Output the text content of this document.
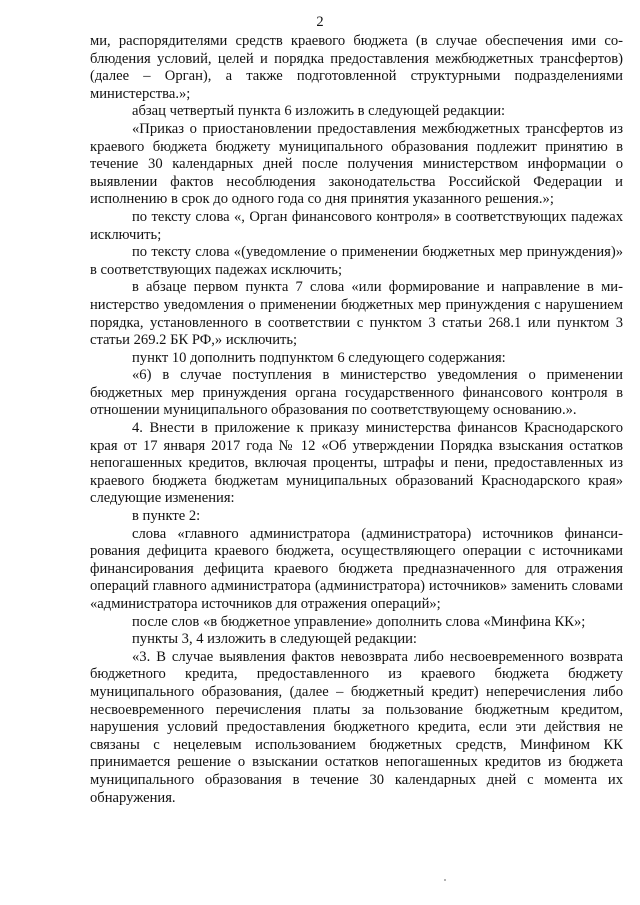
2

ми, распорядителями средств краевого бюджета (в случае обеспечения ими соблюдения условий, целей и порядка предоставления межбюджетных трансфертов) (далее – Орган), а также подготовленной структурными подразделениями министерства.»;

абзац четвертый пункта 6 изложить в следующей редакции:

«Приказ о приостановлении предоставления межбюджетных трансфертов из краевого бюджета бюджету муниципального образования подлежит принятию в течение 30 календарных дней после получения министерством информации о выявлении фактов несоблюдения законодательства Российской Федерации и исполнению в срок до одного года со дня принятия указанного решения.»;

по тексту слова «, Орган финансового контроля» в соответствующих падежах исключить;

по тексту слова «(уведомление о применении бюджетных мер принуждения)» в соответствующих падежах исключить;

в абзаце первом пункта 7 слова «или формирование и направление в министерство уведомления о применении бюджетных мер принуждения с нарушением порядка, установленного в соответствии с пунктом 3 статьи 268.1 или пунктом 3 статьи 269.2 БК РФ,» исключить;

пункт 10 дополнить подпунктом 6 следующего содержания:

«6) в случае поступления в министерство уведомления о применении бюджетных мер принуждения органа государственного финансового контроля в отношении муниципального образования по соответствующему основанию.».

4. Внести в приложение к приказу министерства финансов Краснодарского края от 17 января 2017 года № 12 «Об утверждении Порядка взыскания остатков непогашенных кредитов, включая проценты, штрафы и пени, предоставленных из краевого бюджета бюджетам муниципальных образований Краснодарского края» следующие изменения:

в пункте 2:

слова «главного администратора (администратора) источников финансирования дефицита краевого бюджета, осуществляющего операции с источниками финансирования дефицита краевого бюджета предназначенного для отражения операций главного администратора (администратора) источников» заменить словами «администратора источников для отражения операций»;

после слов «в бюджетное управление» дополнить слова «Минфина КК»;

пункты 3, 4 изложить в следующей редакции:

«3. В случае выявления фактов невозврата либо несвоевременного возврата бюджетного кредита, предоставленного из краевого бюджета бюджету муниципального образования, (далее – бюджетный кредит) неперечисления либо несвоевременного перечисления платы за пользование бюджетным кредитом, нарушения условий предоставления бюджетного кредита, если эти действия не связаны с нецелевым использованием бюджетных средств, Минфином КК принимается решение о взыскании остатков непогашенных кредитов из бюджета муниципального образования в течение 30 календарных дней с момента их обнаружения.
